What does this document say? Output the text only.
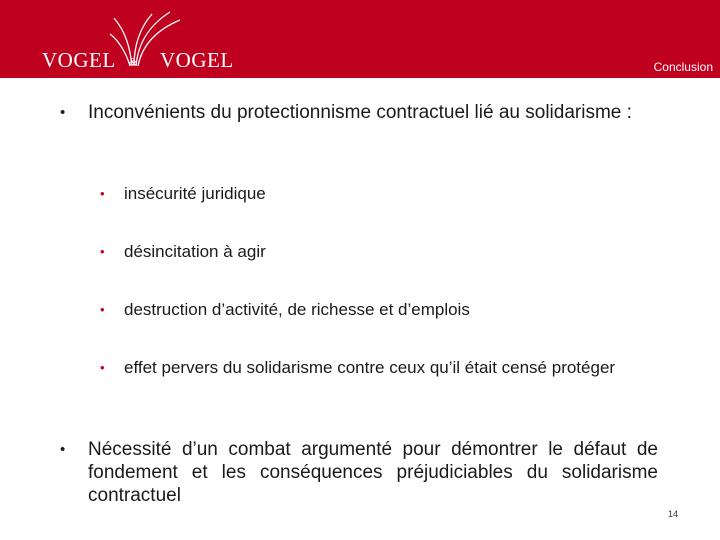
VOGEL & VOGEL	Conclusion
• Inconvénients du protectionnisme contractuel lié au solidarisme :
• insécurité juridique
• désincitation à agir
• destruction d’activité, de richesse et d’emplois
• effet pervers du solidarisme contre ceux qu’il était censé protéger
• Nécessité d’un combat argumenté pour démontrer le défaut de fondement et les conséquences préjudiciables du solidarisme contractuel
14
